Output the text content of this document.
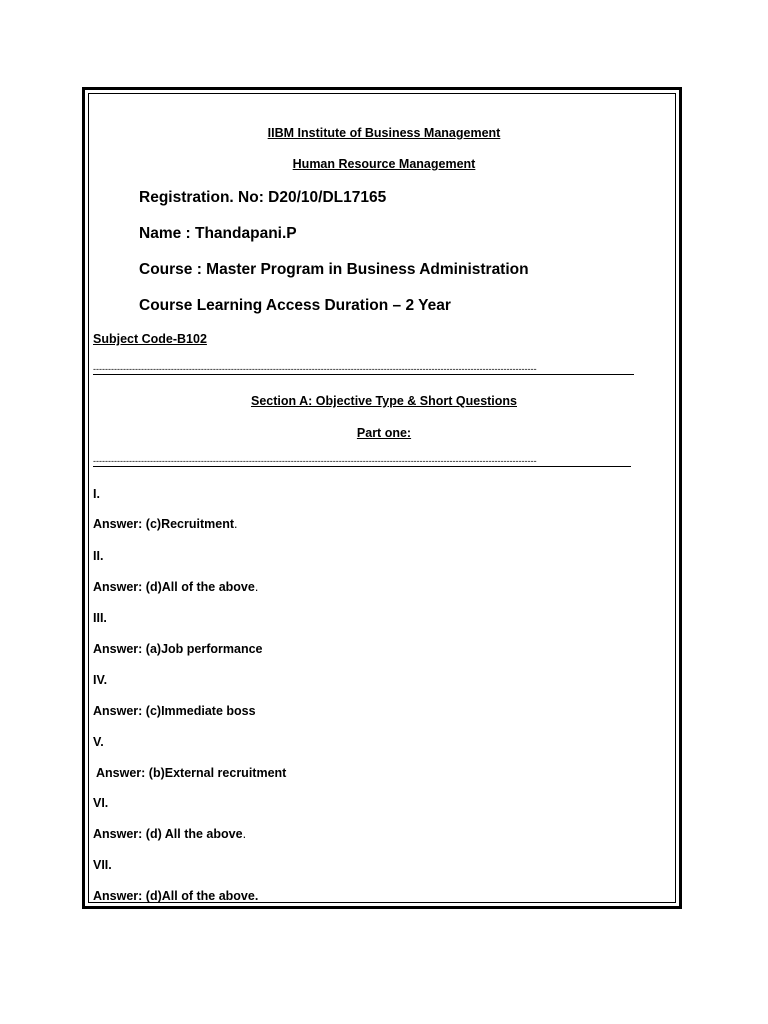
IIBM Institute of Business Management
Human Resource Management
Registration. No: D20/10/DL17165
Name : Thandapani.P
Course : Master Program in Business Administration
Course Learning Access Duration – 2 Year
Subject Code-B102
----------------------------------------------------------------------------------------------------------------------------------------------------
Section A: Objective Type & Short Questions
Part one:
----------------------------------------------------------------------------------------------------------------------------------------------------
I.
Answer: (c)Recruitment.
II.
Answer: (d)All of the above.
III.
Answer: (a)Job performance
IV.
Answer: (c)Immediate boss
V.
Answer: (b)External recruitment
VI.
Answer: (d) All the above.
VII.
Answer: (d)All of the above.
